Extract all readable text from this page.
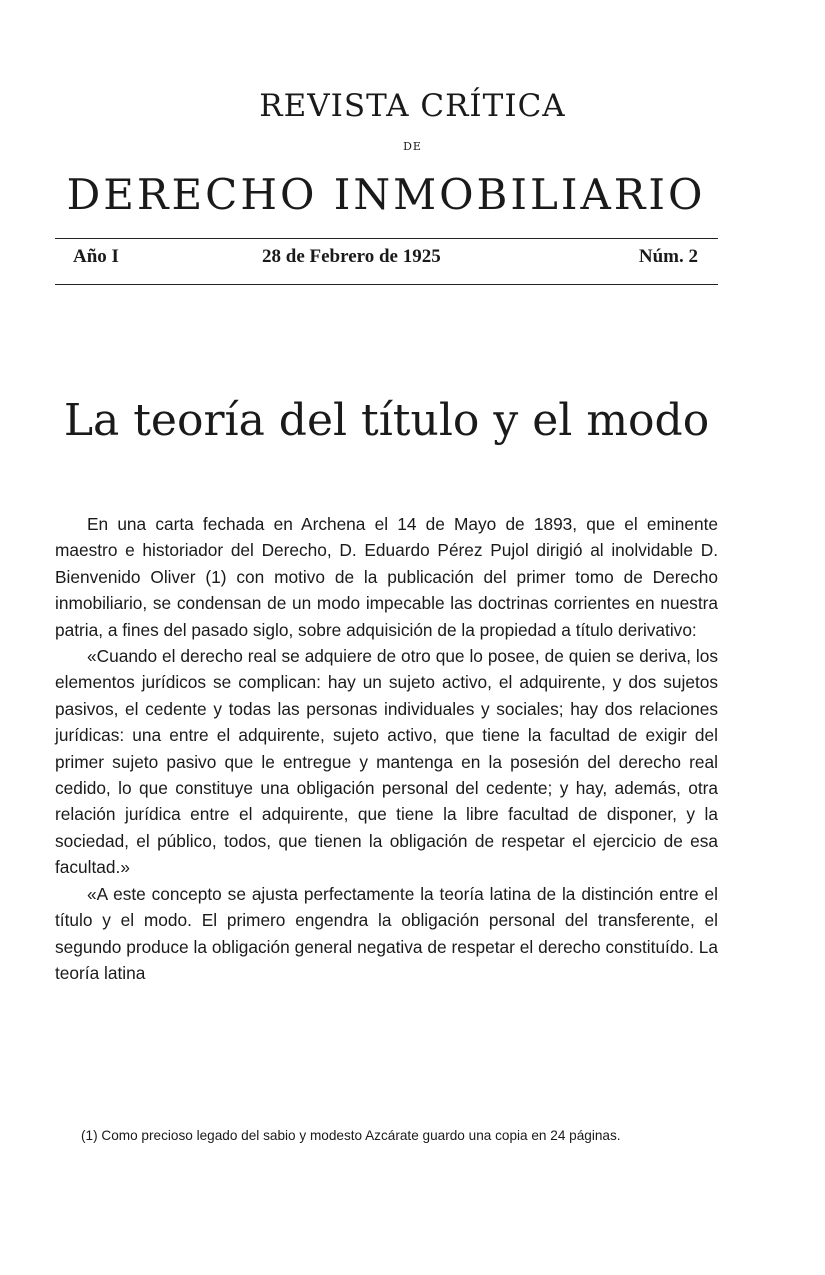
REVISTA CRÍTICA
DE
DERECHO INMOBILIARIO
Año I	28 de Febrero de 1925	Núm. 2
La teoría del título y el modo

En una carta fechada en Archena el 14 de Mayo de 1893, que el eminente maestro e historiador del Derecho, D. Eduardo Pérez Pujol dirigió al inolvidable D. Bienvenido Oliver (1) con motivo de la publicación del primer tomo de Derecho inmobiliario, se condensan de un modo impecable las doctrinas corrientes en nuestra patria, a fines del pasado siglo, sobre adquisición de la propiedad a título derivativo:

«Cuando el derecho real se adquiere de otro que lo posee, de quien se deriva, los elementos jurídicos se complican: hay un sujeto activo, el adquirente, y dos sujetos pasivos, el cedente y todas las personas individuales y sociales; hay dos relaciones jurídicas: una entre el adquirente, sujeto activo, que tiene la facultad de exigir del primer sujeto pasivo que le entregue y mantenga en la posesión del derecho real cedido, lo que constituye una obligación personal del cedente; y hay, además, otra relación jurídica entre el adquirente, que tiene la libre facultad de disponer, y la sociedad, el público, todos, que tienen la obligación de respetar el ejercicio de esa facultad.»

«A este concepto se ajusta perfectamente la teoría latina de la distinción entre el título y el modo. El primero engendra la obligación personal del transferente, el segundo produce la obligación general negativa de respetar el derecho constituído. La teoría latina

(1) Como precioso legado del sabio y modesto Azcárate guardo una copia en 24 páginas.
